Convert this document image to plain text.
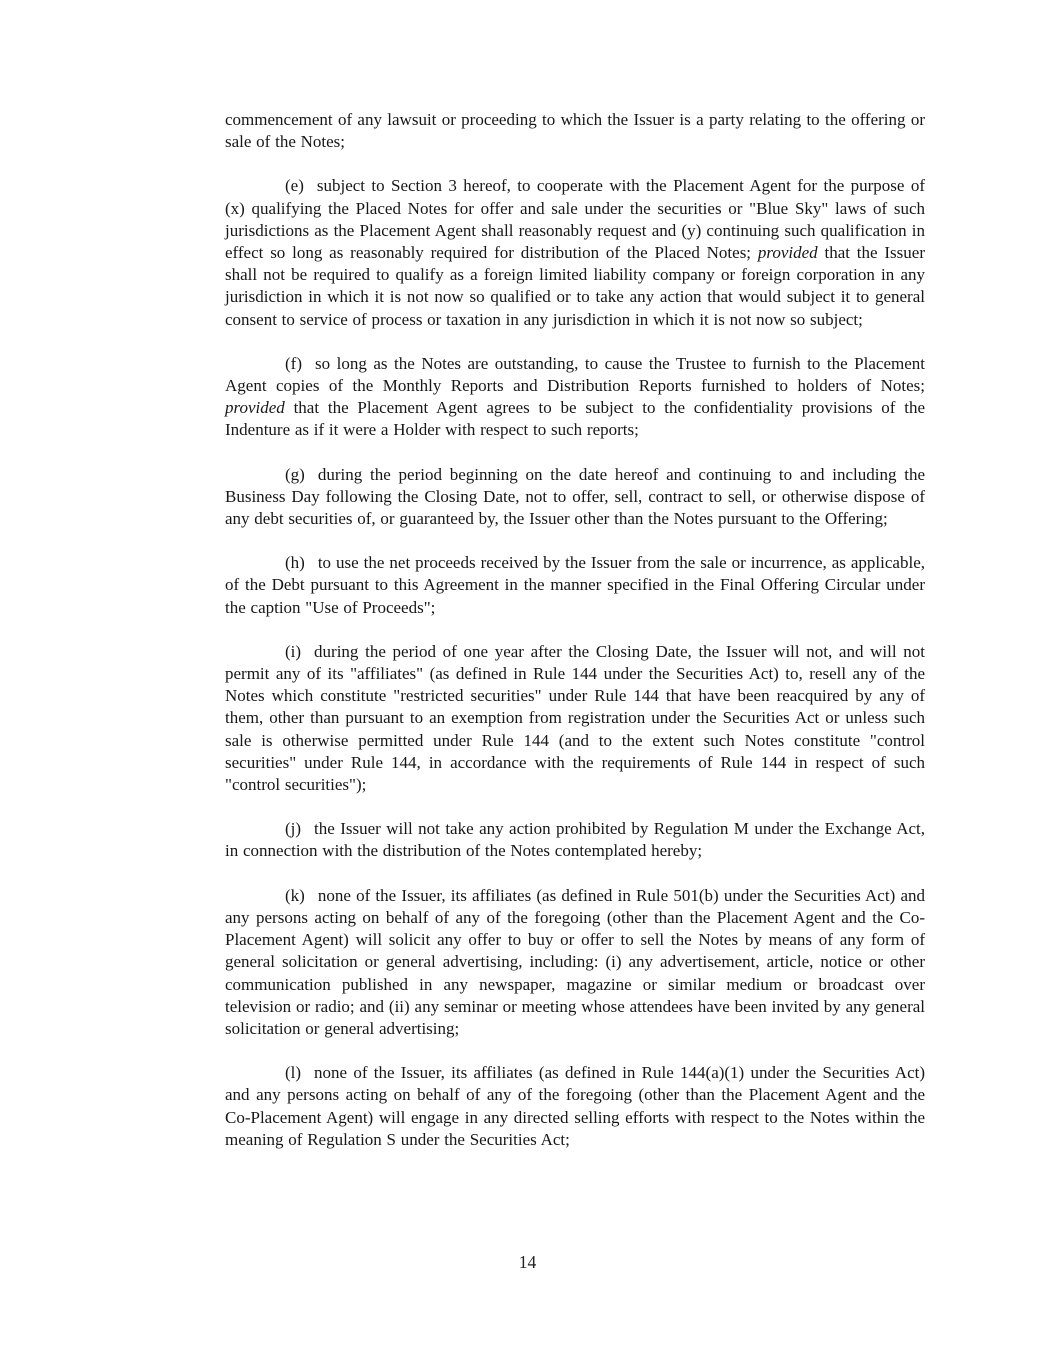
commencement of any lawsuit or proceeding to which the Issuer is a party relating to the offering or sale of the Notes;

(e) subject to Section 3 hereof, to cooperate with the Placement Agent for the purpose of (x) qualifying the Placed Notes for offer and sale under the securities or "Blue Sky" laws of such jurisdictions as the Placement Agent shall reasonably request and (y) continuing such qualification in effect so long as reasonably required for distribution of the Placed Notes; provided that the Issuer shall not be required to qualify as a foreign limited liability company or foreign corporation in any jurisdiction in which it is not now so qualified or to take any action that would subject it to general consent to service of process or taxation in any jurisdiction in which it is not now so subject;

(f) so long as the Notes are outstanding, to cause the Trustee to furnish to the Placement Agent copies of the Monthly Reports and Distribution Reports furnished to holders of Notes; provided that the Placement Agent agrees to be subject to the confidentiality provisions of the Indenture as if it were a Holder with respect to such reports;

(g) during the period beginning on the date hereof and continuing to and including the Business Day following the Closing Date, not to offer, sell, contract to sell, or otherwise dispose of any debt securities of, or guaranteed by, the Issuer other than the Notes pursuant to the Offering;

(h) to use the net proceeds received by the Issuer from the sale or incurrence, as applicable, of the Debt pursuant to this Agreement in the manner specified in the Final Offering Circular under the caption "Use of Proceeds";

(i) during the period of one year after the Closing Date, the Issuer will not, and will not permit any of its "affiliates" (as defined in Rule 144 under the Securities Act) to, resell any of the Notes which constitute "restricted securities" under Rule 144 that have been reacquired by any of them, other than pursuant to an exemption from registration under the Securities Act or unless such sale is otherwise permitted under Rule 144 (and to the extent such Notes constitute "control securities" under Rule 144, in accordance with the requirements of Rule 144 in respect of such "control securities");

(j) the Issuer will not take any action prohibited by Regulation M under the Exchange Act, in connection with the distribution of the Notes contemplated hereby;

(k) none of the Issuer, its affiliates (as defined in Rule 501(b) under the Securities Act) and any persons acting on behalf of any of the foregoing (other than the Placement Agent and the Co-Placement Agent) will solicit any offer to buy or offer to sell the Notes by means of any form of general solicitation or general advertising, including: (i) any advertisement, article, notice or other communication published in any newspaper, magazine or similar medium or broadcast over television or radio; and (ii) any seminar or meeting whose attendees have been invited by any general solicitation or general advertising;

(l) none of the Issuer, its affiliates (as defined in Rule 144(a)(1) under the Securities Act) and any persons acting on behalf of any of the foregoing (other than the Placement Agent and the Co-Placement Agent) will engage in any directed selling efforts with respect to the Notes within the meaning of Regulation S under the Securities Act;

14
